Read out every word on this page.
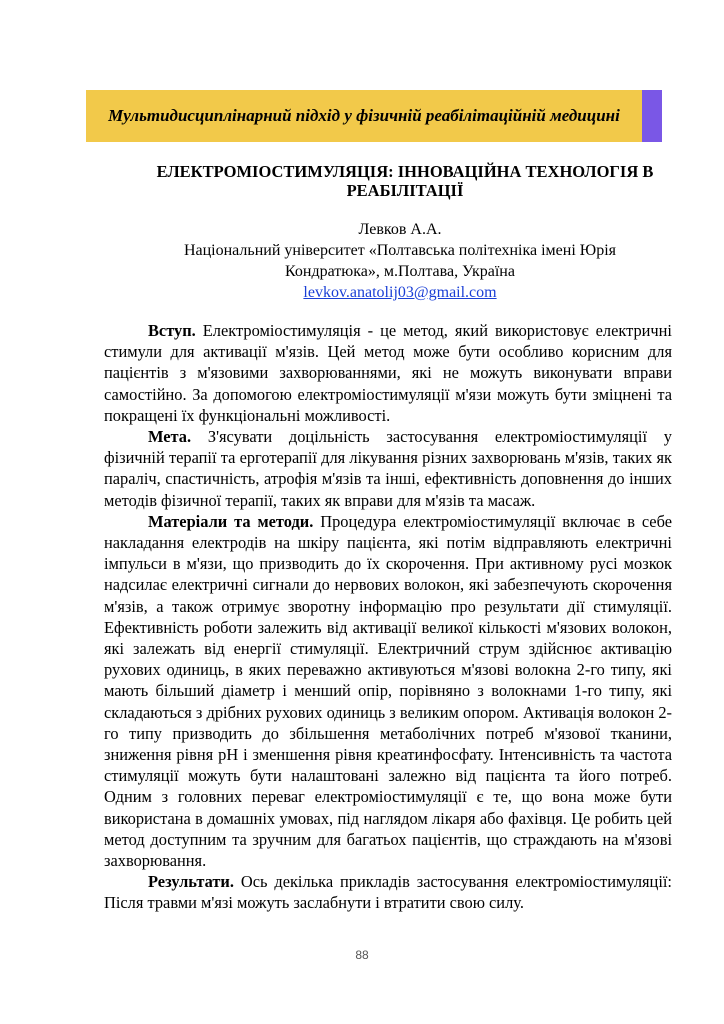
Мультидисциплінарний підхід у фізичній реабілітаційній медицині
ЕЛЕКТРОМІОСТИМУЛЯЦІЯ: ІННОВАЦІЙНА ТЕХНОЛОГІЯ В
РЕАБІЛІТАЦІЇ
Левков А.А.
Національний університет «Полтавська політехніка імені Юрія
Кондратюка», м.Полтава, Україна
levkov.anatolij03@gmail.com

Вступ. Електроміостимуляція - це метод, який використовує електричні стимули для активації м'язів. Цей метод може бути особливо корисним для пацієнтів з м'язовими захворюваннями, які не можуть виконувати вправи самостійно. За допомогою електроміостимуляції м'язи можуть бути зміцнені та покращені їх функціональні можливості.

Мета. З'ясувати доцільність застосування електроміостимуляції у фізичній терапії та ерготерапії для лікування різних захворювань м'язів, таких як параліч, спастичність, атрофія м'язів та інші, ефективність доповнення до інших методів фізичної терапії, таких як вправи для м'язів та масаж.

Матеріали та методи. Процедура електроміостимуляції включає в себе накладання електродів на шкіру пацієнта, які потім відправляють електричні імпульси в м'язи, що призводить до їх скорочення. При активному русі мозкок надсилає електричні сигнали до нервових волокон, які забезпечують скорочення м'язів, а також отримує зворотну інформацію про результати дії стимуляції. Ефективність роботи залежить від активації великої кількості м'язових волокон, які залежать від енергії стимуляції. Електричний струм здійснює активацію рухових одиниць, в яких переважно активуються м'язові волокна 2-го типу, які мають більший діаметр і менший опір, порівняно з волокнами 1-го типу, які складаються з дрібних рухових одиниць з великим опором. Активація волокон 2-го типу призводить до збільшення метаболічних потреб м'язової тканини, зниження рівня pH і зменшення рівня креатинфосфату. Інтенсивність та частота стимуляції можуть бути налаштовані залежно від пацієнта та його потреб. Одним з головних переваг електроміостимуляції є те, що вона може бути використана в домашніх умовах, під наглядом лікаря або фахівця. Це робить цей метод доступним та зручним для багатьох пацієнтів, що страждають на м'язові захворювання.

Результати. Ось декілька прикладів застосування електроміостимуляції: Після травми м'язі можуть заслабнути і втратити свою силу.

88
